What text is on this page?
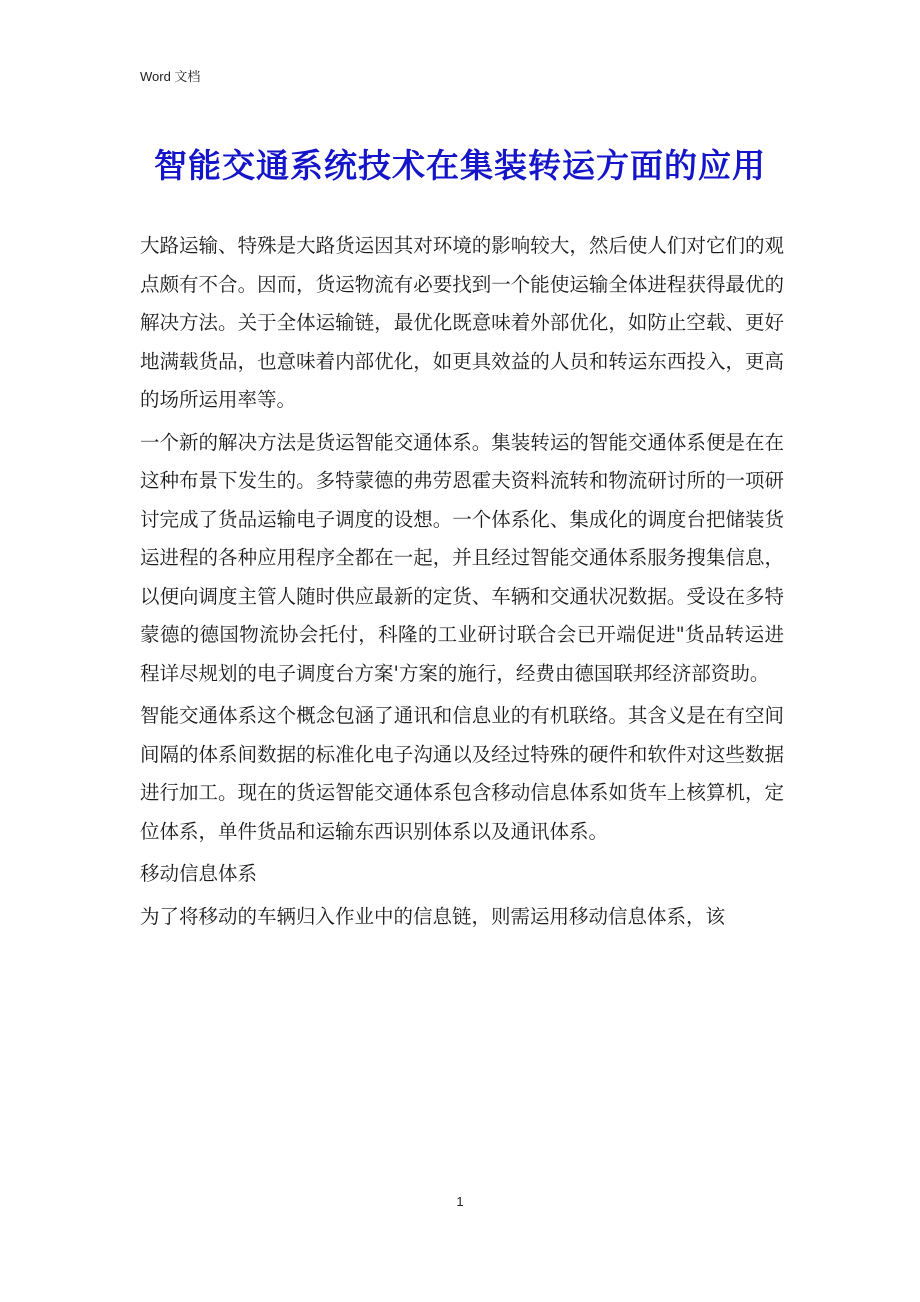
Word 文档
智能交通系统技术在集装转运方面的应用

大路运输、特殊是大路货运因其对环境的影响较大，然后使人们对它们的观点颇有不合。因而，货运物流有必要找到一个能使运输全体进程获得最优的解决方法。关于全体运输链，最优化既意味着外部优化，如防止空载、更好地满载货品，也意味着内部优化，如更具效益的人员和转运东西投入，更高的场所运用率等。

一个新的解决方法是货运智能交通体系。集装转运的智能交通体系便是在在这种布景下发生的。多特蒙德的弗劳恩霍夫资料流转和物流研讨所的一项研讨完成了货品运输电子调度的设想。一个体系化、集成化的调度台把储装货运进程的各种应用程序全都在一起，并且经过智能交通体系服务搜集信息，以便向调度主管人随时供应最新的定货、车辆和交通状况数据。受设在多特蒙德的德国物流协会托付，科隆的工业研讨联合会已开端促进"货品转运进程详尽规划的电子调度台方案'方案的施行，经费由德国联邦经济部资助。

智能交通体系这个概念包涵了通讯和信息业的有机联络。其含义是在有空间间隔的体系间数据的标准化电子沟通以及经过特殊的硬件和软件对这些数据进行加工。现在的货运智能交通体系包含移动信息体系如货车上核算机，定位体系，单件货品和运输东西识别体系以及通讯体系。

移动信息体系

为了将移动的车辆归入作业中的信息链，则需运用移动信息体系，该

1
